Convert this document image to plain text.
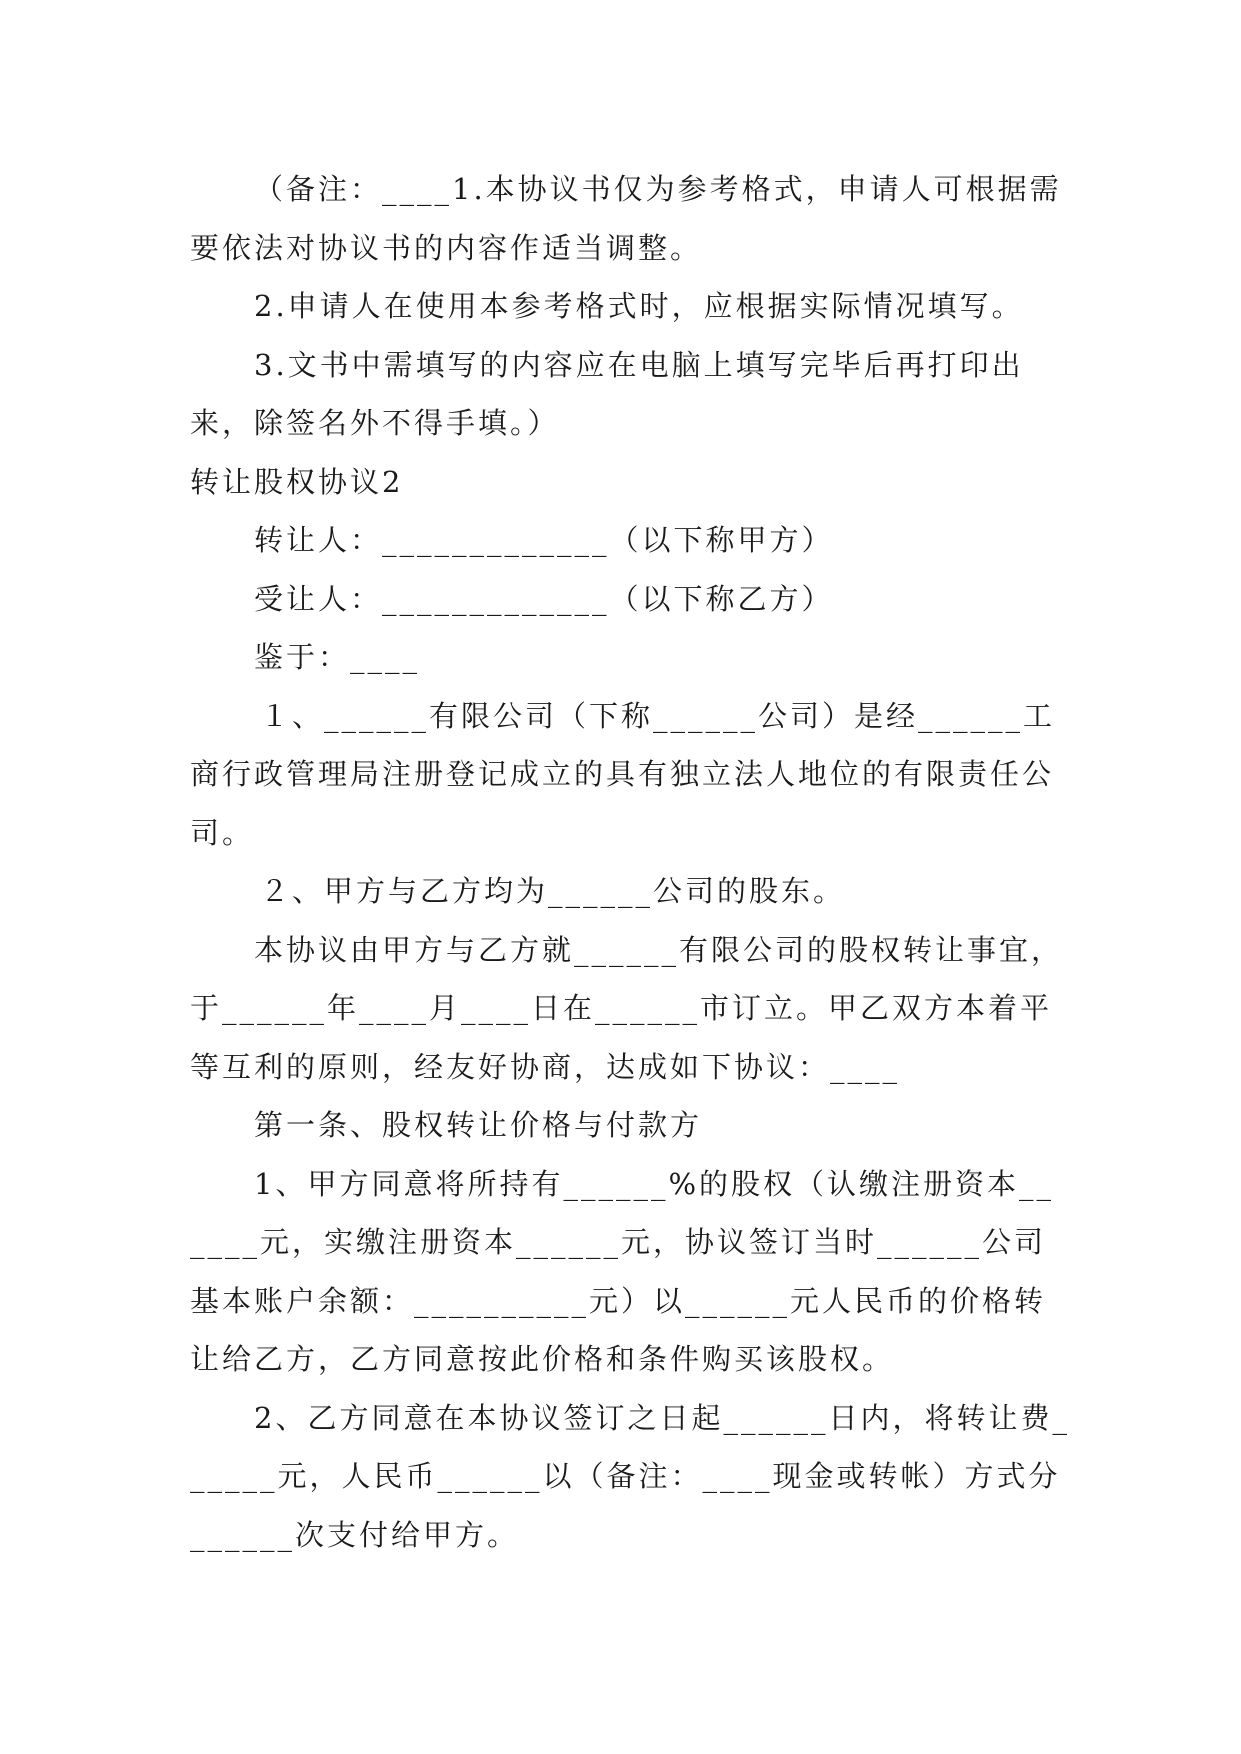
（备注：____1.本协议书仅为参考格式，申请人可根据需要依法对协议书的内容作适当调整。

2.申请人在使用本参考格式时，应根据实际情况填写。

3.文书中需填写的内容应在电脑上填写完毕后再打印出来，除签名外不得手填。）

转让股权协议2

转让人：_____________（以下称甲方）

受让人：_____________（以下称乙方）

鉴于：____

１、______有限公司（下称______公司）是经______工商行政管理局注册登记成立的具有独立法人地位的有限责任公司。

２、甲方与乙方均为______公司的股东。

本协议由甲方与乙方就______有限公司的股权转让事宜，于______年____月____日在______市订立。甲乙双方本着平等互利的原则，经友好协商，达成如下协议：____

第一条、股权转让价格与付款方

1、甲方同意将所持有______%的股权（认缴注册资本______元，实缴注册资本______元，协议签订当时______公司基本账户余额：__________元）以______元人民币的价格转让给乙方，乙方同意按此价格和条件购买该股权。

2、乙方同意在本协议签订之日起______日内，将转让费______元，人民币______以（备注：____现金或转帐）方式分______次支付给甲方。
